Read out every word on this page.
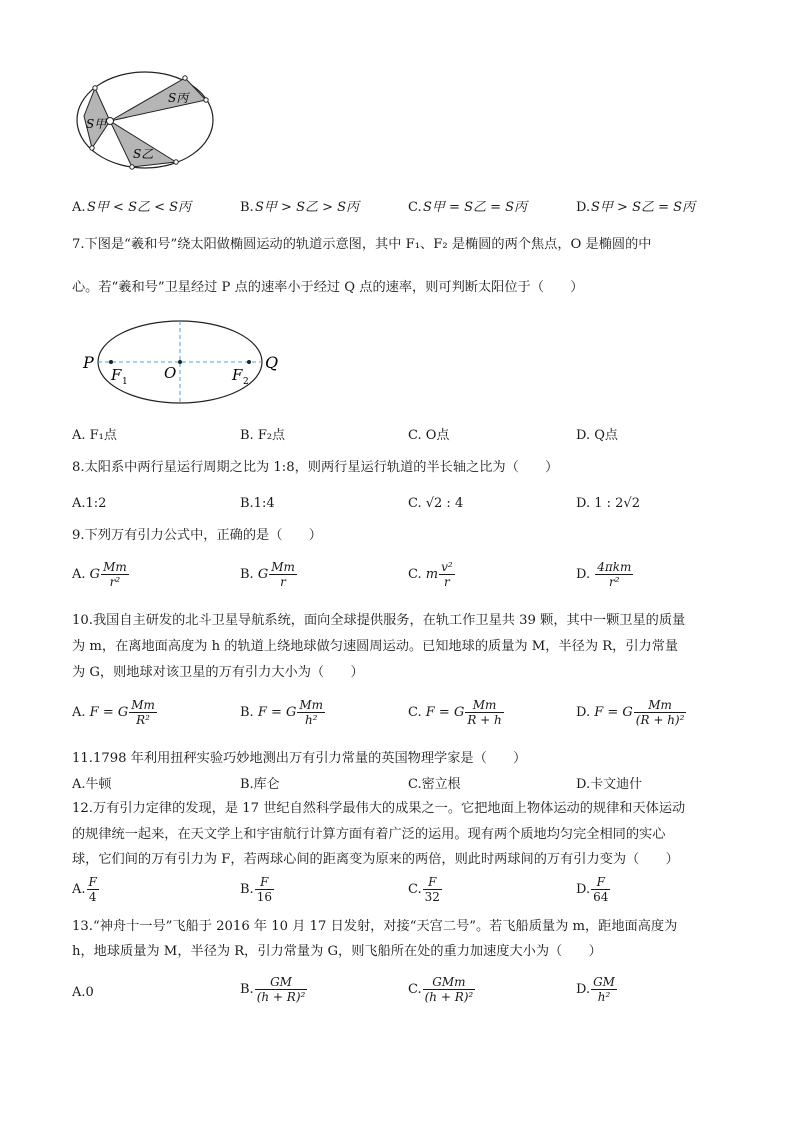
S丙
S甲
S乙
A. S甲 < S乙 < S丙	B. S甲 > S乙 > S丙	C. S甲 = S乙 = S丙	D. S甲 > S乙 = S丙
7.下图是“羲和号”绕太阳做椭圆运动的轨道示意图，其中 F₁、F₂ 是椭圆的两个焦点，O 是椭圆的中
心。若“羲和号”卫星经过 P 点的速率小于经过 Q 点的速率，则可判断太阳位于（　　）
P
F 1 O	F 2
Q
A. F₁点	B. F₂点	C. O点	D. Q点
8.太阳系中两行星运行周期之比为 1:8，则两行星运行轨道的半长轴之比为（　　）
A.1:2	B.1:4	C. √2 : 4	D. 1 : 2√2
9.下列万有引力公式中，正确的是（　　）
A. G $\frac{Mm}{\text{r²}}$	B. G $\frac{Mm}{r}$	C. m $\frac{\text{v²}}{r}$	D. $\frac{\text{4πkm}}{\text{r²}}$
10.我国自主研发的北斗卫星导航系统，面向全球提供服务，在轨工作卫星共 39 颗，其中一颗卫星的质量
为 m，在离地面高度为 h 的轨道上绕地球做匀速圆周运动。已知地球的质量为 M，半径为 R，引力常量
为 G，则地球对该卫星的万有引力大小为（　　）
A. F = G $\frac{Mm}{\text{R²}}$	B. F = G $\frac{Mm}{\text{h²}}$	C. F = G $\frac{Mm}{R + h}$	D. F = G $\frac{Mm}{\text{(R + h)²}}$
11.1798 年利用扭秤实验巧妙地测出万有引力常量的英国物理学家是（　　）
A.牛顿	B.库仑	C.密立根	D.卡文迪什
12.万有引力定律的发现，是 17 世纪自然科学最伟大的成果之一。它把地面上物体运动的规律和天体运动
的规律统一起来，在天文学上和宇宙航行计算方面有着广泛的运用。现有两个质地均匀完全相同的实心
球，它们间的万有引力为 F，若两球心间的距离变为原来的两倍，则此时两球间的万有引力变为（　　）
A. $\frac{F}{4}$	B. $\frac{F}{16}$	C. $\frac{F}{32}$	D. $\frac{F}{64}$
13.“神舟十一号”飞船于 2016 年 10 月 17 日发射，对接“天宫二号”。若飞船质量为 m，距地面高度为
h，地球质量为 M，半径为 R，引力常量为 G，则飞船所在处的重力加速度大小为（　　）
A.0	B. $\frac{GM}{\text{(h + R)²}}$	C. $\frac{\text{GMm}}{\text{(h + R)²}}$	D. $\frac{GM}{\text{h²}}$
